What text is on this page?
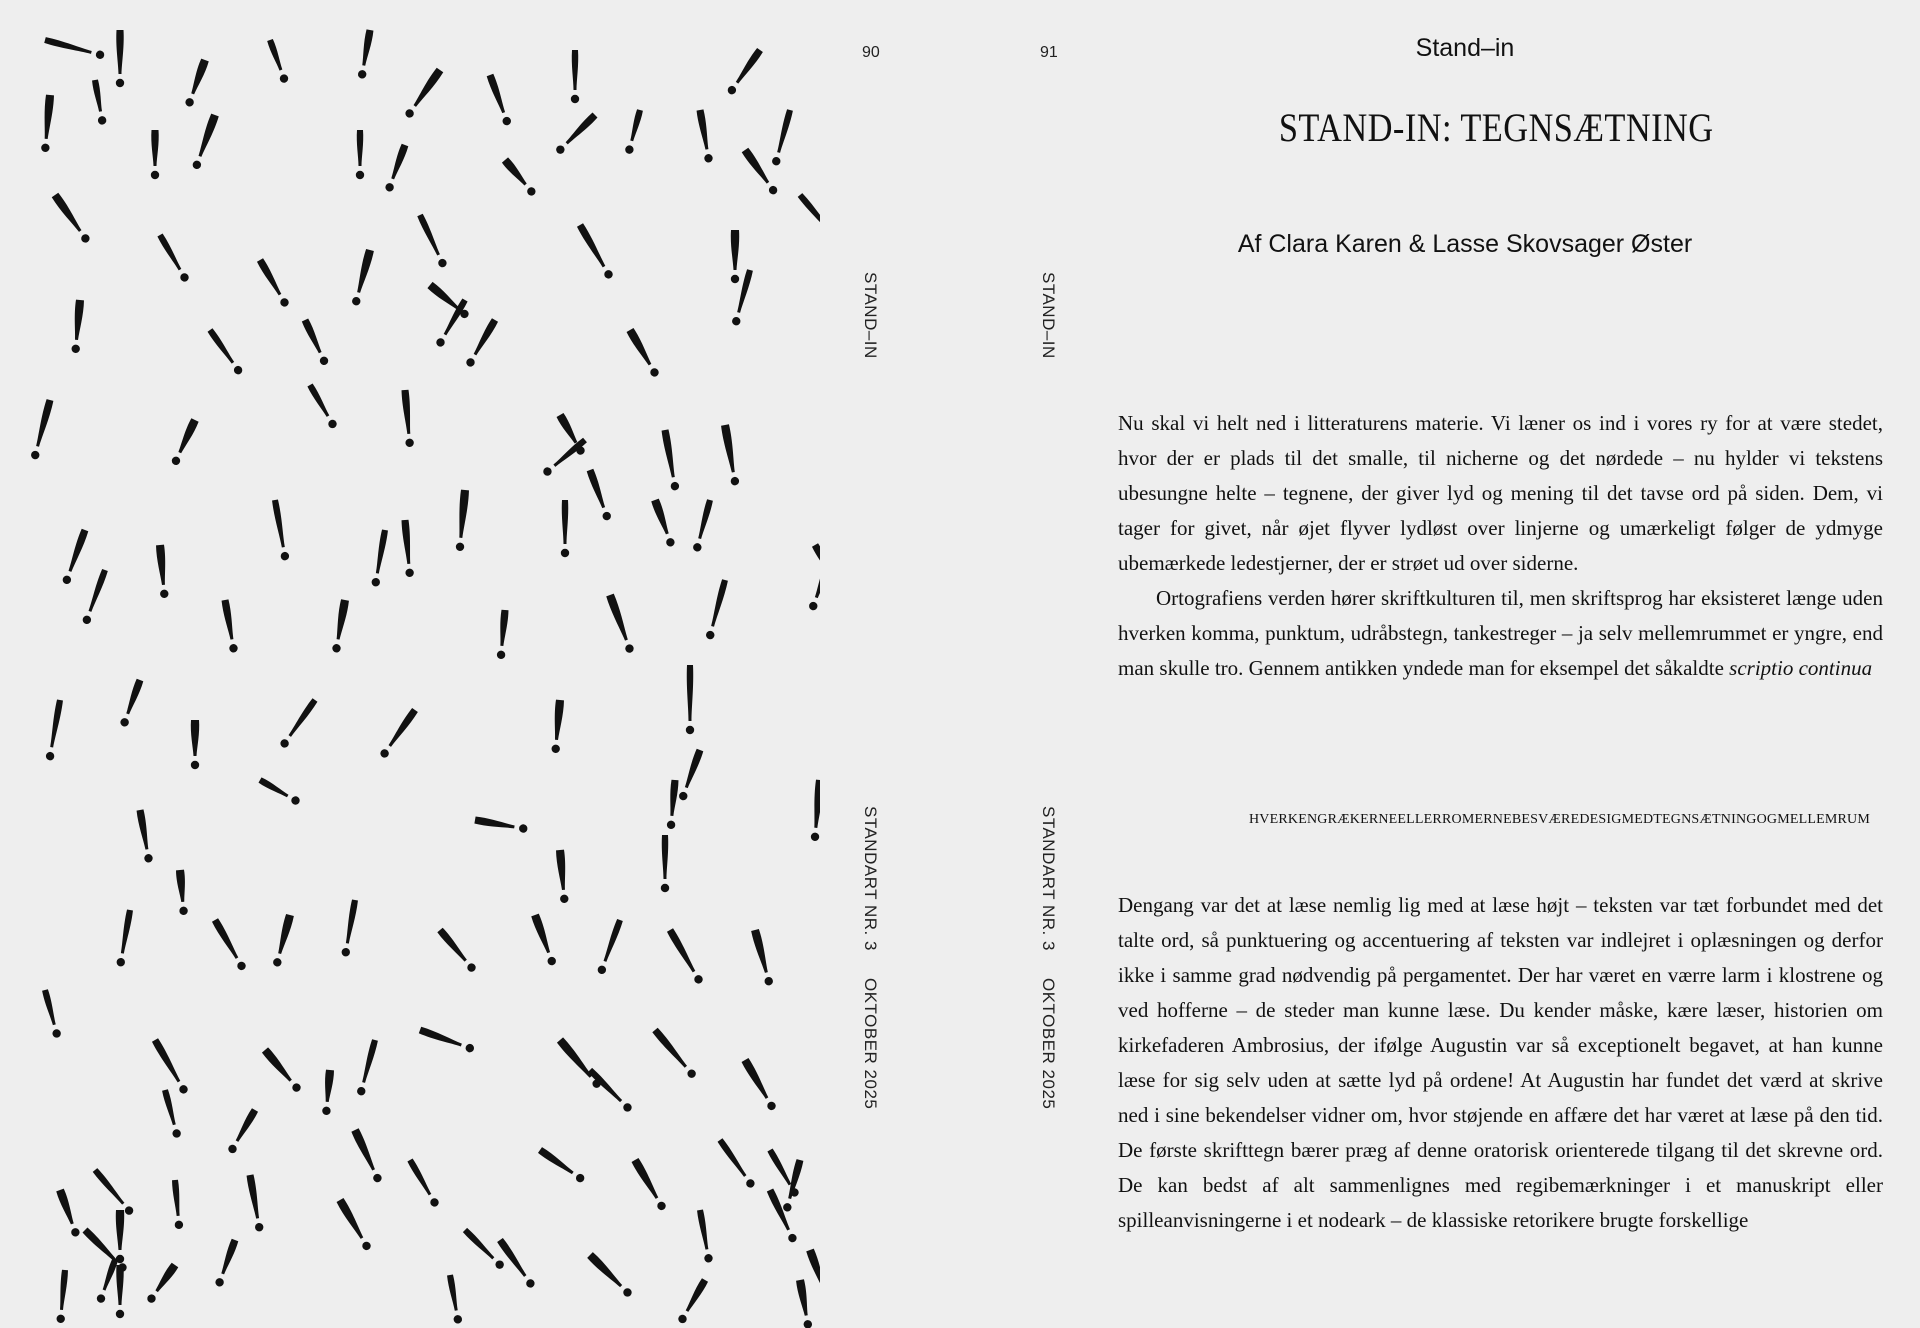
90
STAND–IN
STANDART NR. 3
OKTOBER 2025
91
STAND–IN
STANDART NR. 3
OKTOBER 2025
Stand–in
STAND-IN: TEGNSÆTNING
Af Clara Karen & Lasse Skovsager Øster

Nu skal vi helt ned i litteraturens materie. Vi læner os ind i vores ry for at være stedet, hvor der er plads til det smalle, til nicherne og det nørdede – nu hylder vi tekstens ubesungne helte – tegnene, der giver lyd og mening til det tavse ord på siden. Dem, vi tager for givet, når øjet flyver lydløst over linjerne og umærkeligt følger de ydmyge ubemærkede ledestjerner, der er strøet ud over siderne.

Ortografiens verden hører skriftkulturen til, men skriftsprog har eksisteret længe uden hverken komma, punktum, udråbstegn, tankestreger – ja selv mellemrummet er yngre, end man skulle tro. Gennem antikken yndede man for eksempel det såkaldte scriptio continua

HVERKENGRÆKERNEELLERROMERNEBESVÆREDESIGMEDTEGNSÆTNINGOGMELLEMRUM

Dengang var det at læse nemlig lig med at læse højt – teksten var tæt forbundet med det talte ord, så punktuering og accentuering af teksten var indlejret i oplæsningen og derfor ikke i samme grad nødvendig på pergamentet. Der har været en værre larm i klostrene og ved hofferne – de steder man kunne læse. Du kender måske, kære læser, historien om kirkefaderen Ambrosius, der ifølge Augustin var så exceptionelt begavet, at han kunne læse for sig selv uden at sætte lyd på ordene! At Augustin har fundet det værd at skrive ned i sine bekendelser vidner om, hvor støjende en affære det har været at læse på den tid. De første skrifttegn bærer præg af denne oratorisk orienterede tilgang til det skrevne ord. De kan bedst af alt sammenlignes med regibemærkninger i et manuskript eller spilleanvisningerne i et nodeark – de klassiske retorikere brugte forskellige
